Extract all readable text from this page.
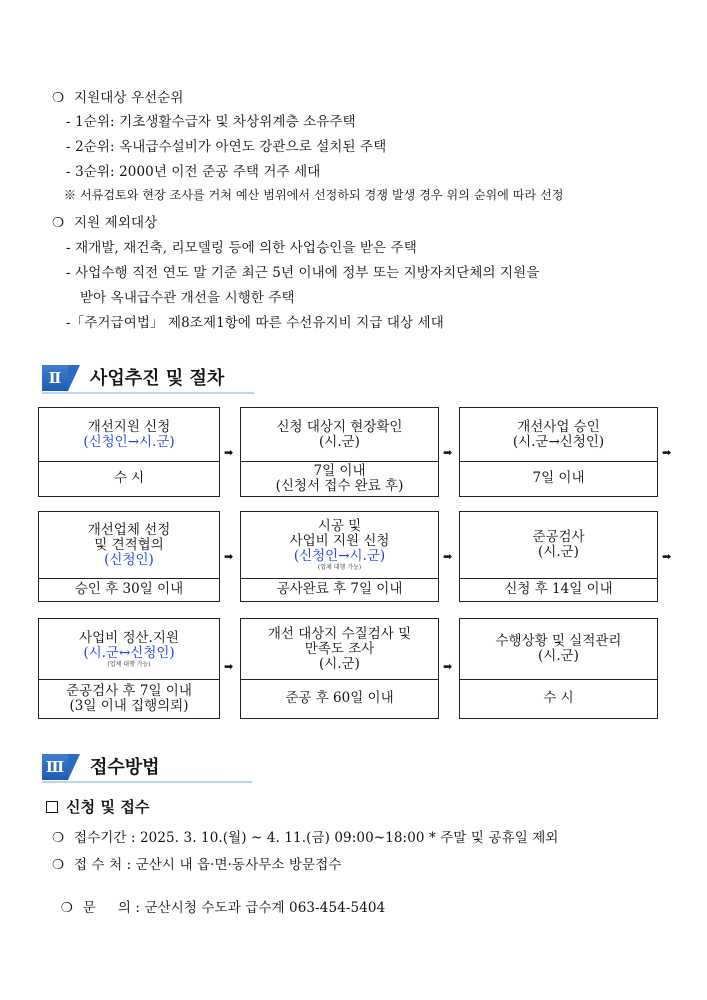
❍ 지원대상 우선순위
- 1순위: 기초생활수급자 및 차상위계층 소유주택
- 2순위: 옥내급수설비가 아연도 강관으로 설치된 주택
- 3순위: 2000년 이전 준공 주택 거주 세대
※ 서류검토와 현장 조사를 거쳐 예산 범위에서 선정하되 경쟁 발생 경우 위의 순위에 따라 선정
❍ 지원 제외대상
- 재개발, 재건축, 리모델링 등에 의한 사업승인을 받은 주택
- 사업수행 직전 연도 말 기준 최근 5년 이내에 정부 또는 지방자치단체의 지원을
받아 옥내급수관 개선을 시행한 주택
-「주거급여법」 제8조제1항에 따른 수선유지비 지급 대상 세대
Ⅱ	사업추진 및 절차
개선지원 신청
(신청인→시.군)
수 시
➡
신청 대상지 현장확인
(시.군)
7일 이내
(신청서 접수 완료 후)
➡
개선사업 승인
(시.군→신청인)
7일 이내
➡
개선업체 선정
및 견적협의
(신청인)
승인 후 30일 이내
➡
시공 및
사업비 지원 신청
(신청인→시.군)
(업체 대행 가능)
공사완료 후 7일 이내
➡
준공검사
(시.군)
신청 후 14일 이내
➡
사업비 정산.지원
(시.군↔신청인)
(업체 대행 가능)
준공검사 후 7일 이내
(3일 이내 집행의뢰)
➡
개선 대상지 수질검사 및
만족도 조사
(시.군)
준공 후 60일 이내
➡
수행상황 및 실적관리
(시.군)
수 시
Ⅲ 접수방법
신청 및 접수
❍ 접수기간 : 2025. 3. 10.(월) ~ 4. 11.(금) 09:00~18:00 * 주말 및 공휴일 제외
❍ 접 수 처 : 군산시 내 읍·면·동사무소 방문접수

❍ 문     의 : 군산시청 수도과 급수계 063-454-5404
